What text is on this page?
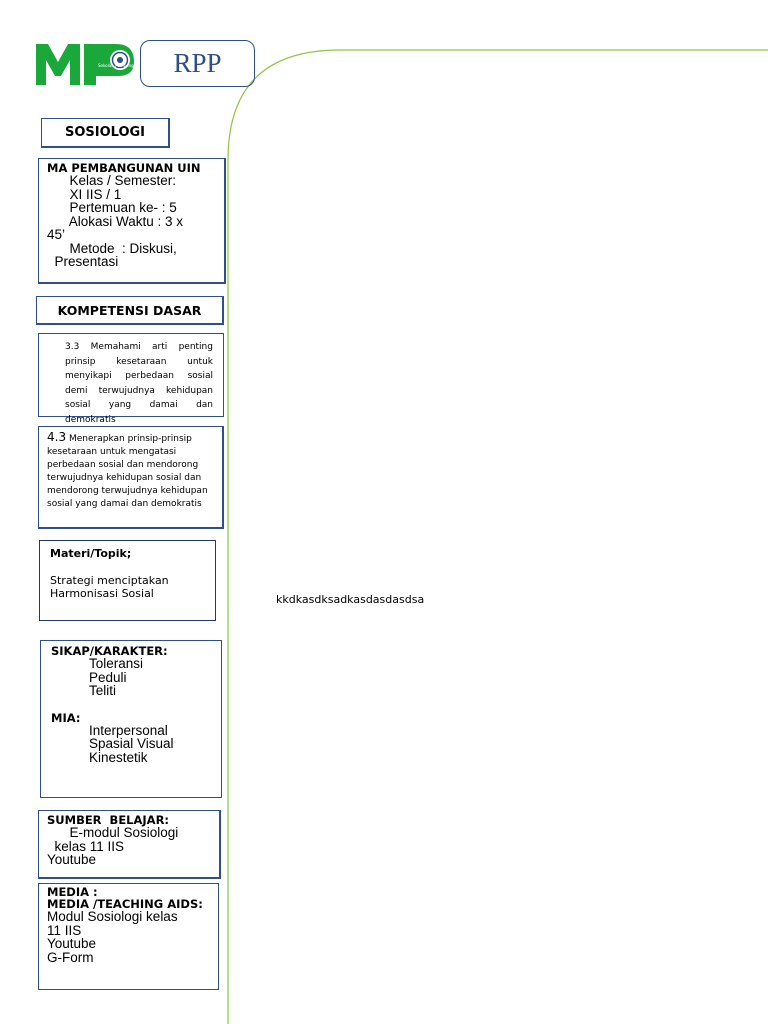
Sekolah Pembangunan	RPP
SOSIOLOGI
MA PEMBANGUNAN UIN
Kelas / Semester:
XI IIS / 1
Pertemuan ke- : 5
Alokasi Waktu : 3 x
45’
Metode  : Diskusi,
Presentasi
KOMPETENSI DASAR
3.3 Memahami arti penting prinsip kesetaraan untuk menyikapi perbedaan sosial demi terwujudnya kehidupan sosial yang damai dan demokratis
4.3 Menerapkan prinsip-prinsip kesetaraan untuk mengatasi perbedaan sosial dan mendorong terwujudnya kehidupan sosial dan mendorong terwujudnya kehidupan sosial yang damai dan demokratis
Materi/Topik;
Strategi menciptakan Harmonisasi Sosial
SIKAP/KARAKTER:
Toleransi
Peduli
Teliti
MIA:
Interpersonal
Spasial Visual
Kinestetik
SUMBER  BELAJAR:
E-modul Sosiologi
kelas 11 IIS
Youtube
MEDIA :
MEDIA /TEACHING AIDS:
Modul Sosiologi kelas
11 IIS
Youtube
G-Form
kkdkasdksadkasdasdasdsa
